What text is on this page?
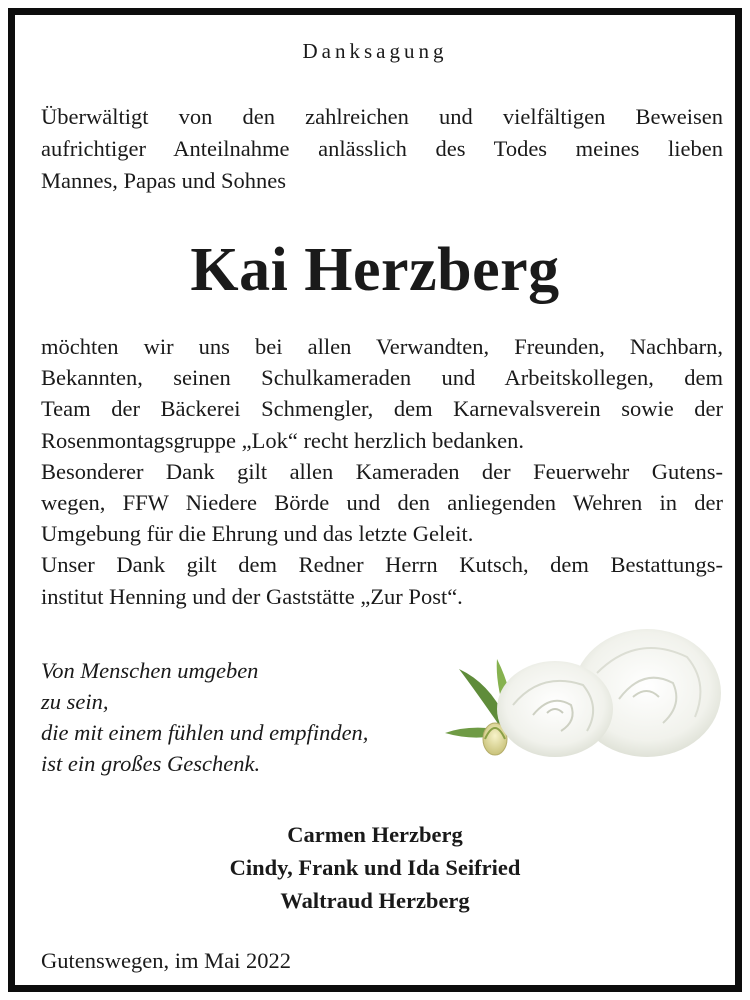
Danksagung

Überwältigt von den zahlreichen und vielfältigen Beweisen
aufrichtiger Anteilnahme anlässlich des Todes meines lieben
Mannes, Papas und Sohnes

Kai Herzberg
möchten wir uns bei allen Verwandten, Freunden, Nachbarn,
Bekannten, seinen Schulkameraden und Arbeitskollegen, dem
Team der Bäckerei Schmengler, dem Karnevalsverein sowie der
Rosenmontagsgruppe „Lok“ recht herzlich bedanken.
Besonderer Dank gilt allen Kameraden der Feuerwehr Gutens-
wegen, FFW Niedere Börde und den anliegenden Wehren in der
Umgebung für die Ehrung und das letzte Geleit.
Unser Dank gilt dem Redner Herrn Kutsch, dem Bestattungs-
institut Henning und der Gaststätte „Zur Post“.
Von Menschen umgeben
zu sein,
die mit einem fühlen und empfinden,
ist ein großes Geschenk.
Carmen Herzberg
Cindy, Frank und Ida Seifried
Waltraud Herzberg
Gutenswegen, im Mai 2022
